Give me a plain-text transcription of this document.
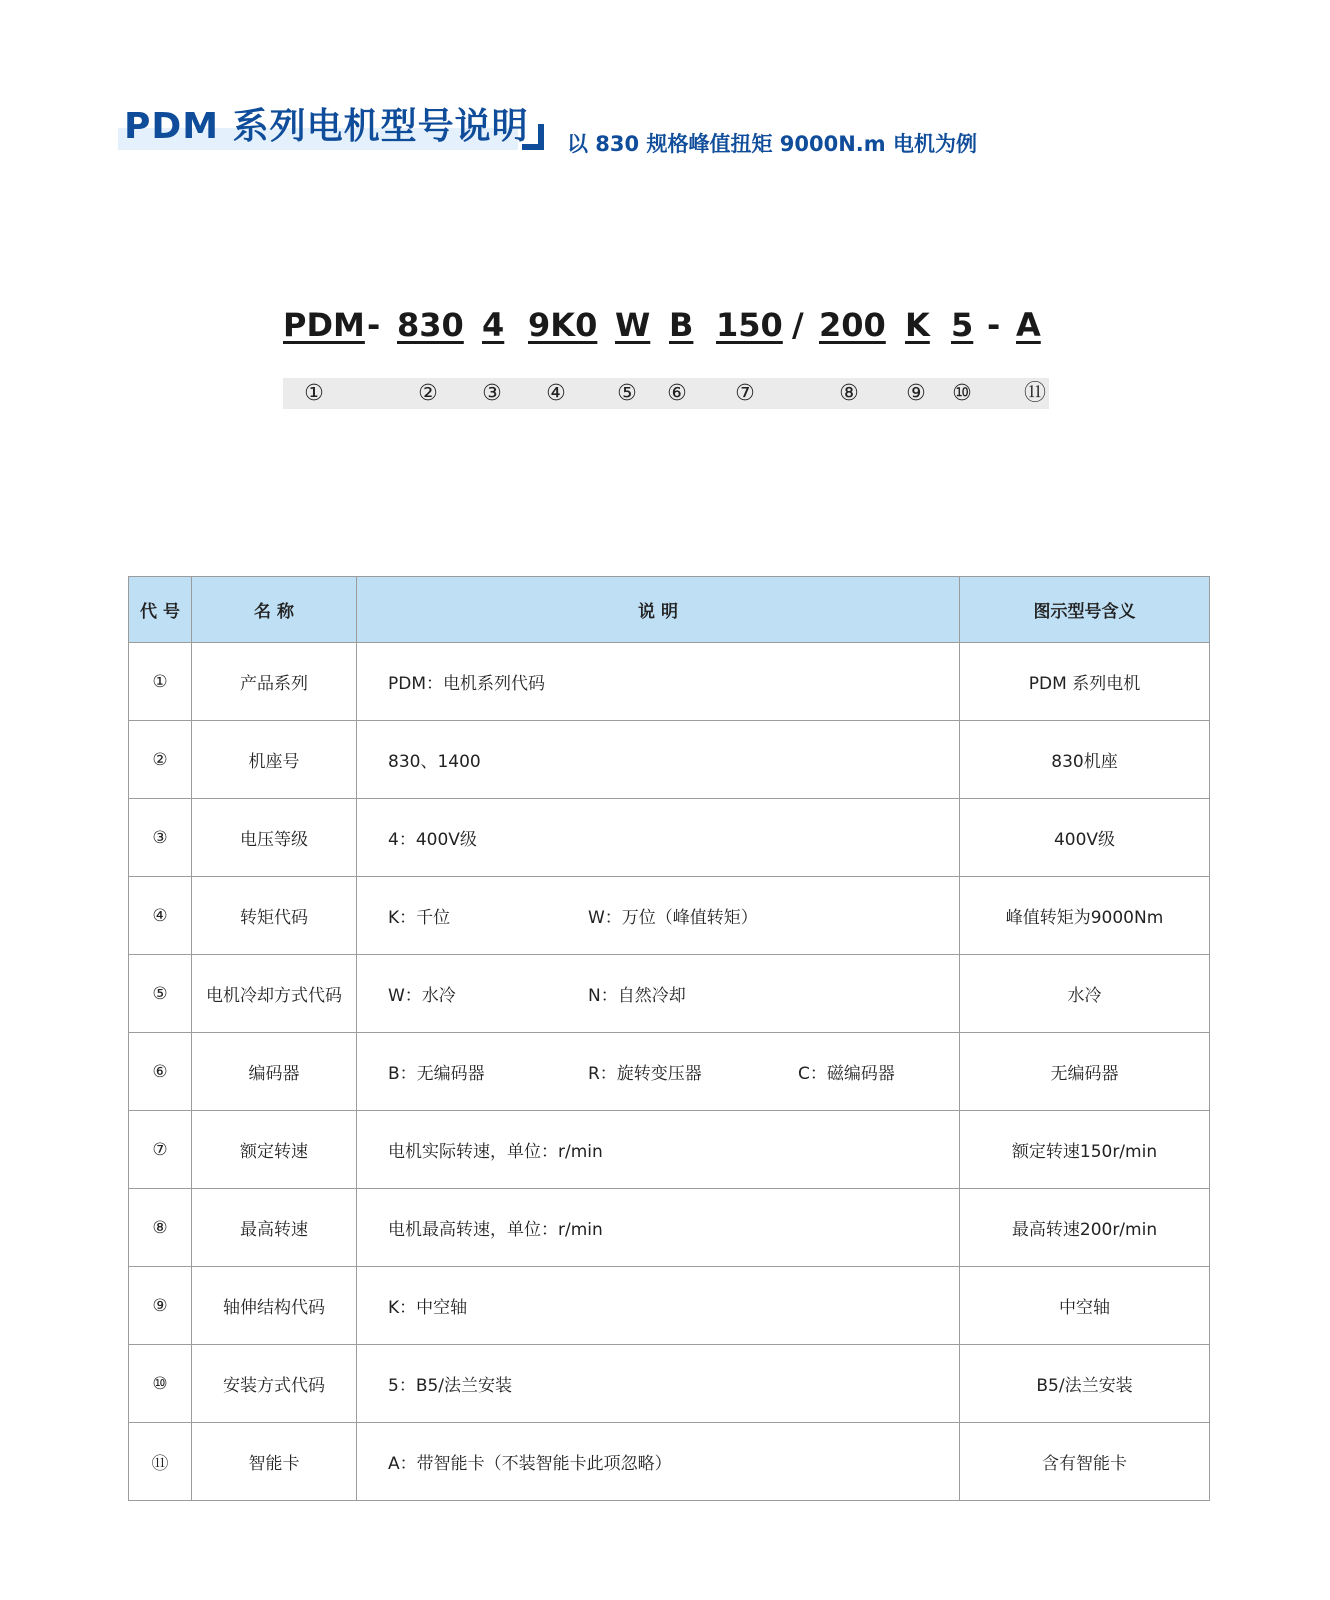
PDM 系列电机型号说明 以 830 规格峰值扭矩 9000N.m 电机为例
PDM - 830 4 9K0 W B 150 / 200 K 5 - A
①	② ③ ④ ⑤ ⑥ ⑦	⑧ ⑨ ⑩ ⑪
代 号	名 称	说 明	图示型号含义
①	产品系列	PDM：电机系列代码	PDM 系列电机
②	机座号	830、1400	830机座
③	电压等级	4：400V级	400V级
④	转矩代码	K：千位 W：万位（峰值转矩）	峰值转矩为9000Nm
⑤	电机冷却方式代码	W：水冷 N：自然冷却	水冷
⑥	编码器	B：无编码器 R：旋转变压器 C：磁编码器	无编码器
⑦	额定转速	电机实际转速，单位：r/min	额定转速150r/min
⑧	最高转速	电机最高转速，单位：r/min	最高转速200r/min
⑨	轴伸结构代码	K：中空轴	中空轴
⑩	安装方式代码	5：B5/法兰安装	B5/法兰安装
⑪	智能卡	A：带智能卡（不装智能卡此项忽略）	含有智能卡
